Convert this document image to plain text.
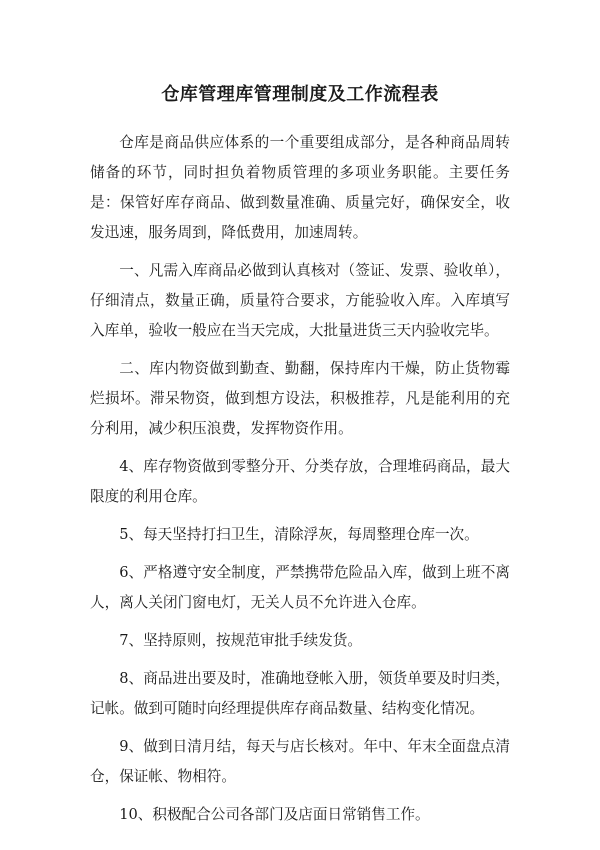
仓库管理库管理制度及工作流程表

仓库是商品供应体系的一个重要组成部分，是各种商品周转储备的环节，同时担负着物质管理的多项业务职能。主要任务是：保管好库存商品、做到数量准确、质量完好，确保安全，收发迅速，服务周到，降低费用，加速周转。

一、凡需入库商品必做到认真核对（签证、发票、验收单），仔细清点，数量正确，质量符合要求，方能验收入库。入库填写入库单，验收一般应在当天完成，大批量进货三天内验收完毕。

二、库内物资做到勤查、勤翻，保持库内干燥，防止货物霉烂损坏。滞呆物资，做到想方设法，积极推荐，凡是能利用的充分利用，减少积压浪费，发挥物资作用。

4、库存物资做到零整分开、分类存放，合理堆码商品，最大限度的利用仓库。

5、每天坚持打扫卫生，清除浮灰，每周整理仓库一次。

6、严格遵守安全制度，严禁携带危险品入库，做到上班不离人，离人关闭门窗电灯，无关人员不允许进入仓库。

7、坚持原则，按规范审批手续发货。

8、商品进出要及时，准确地登帐入册，领货单要及时归类，记帐。做到可随时向经理提供库存商品数量、结构变化情况。

9、做到日清月结，每天与店长核对。年中、年末全面盘点清仓，保证帐、物相符。

10、积极配合公司各部门及店面日常销售工作。
